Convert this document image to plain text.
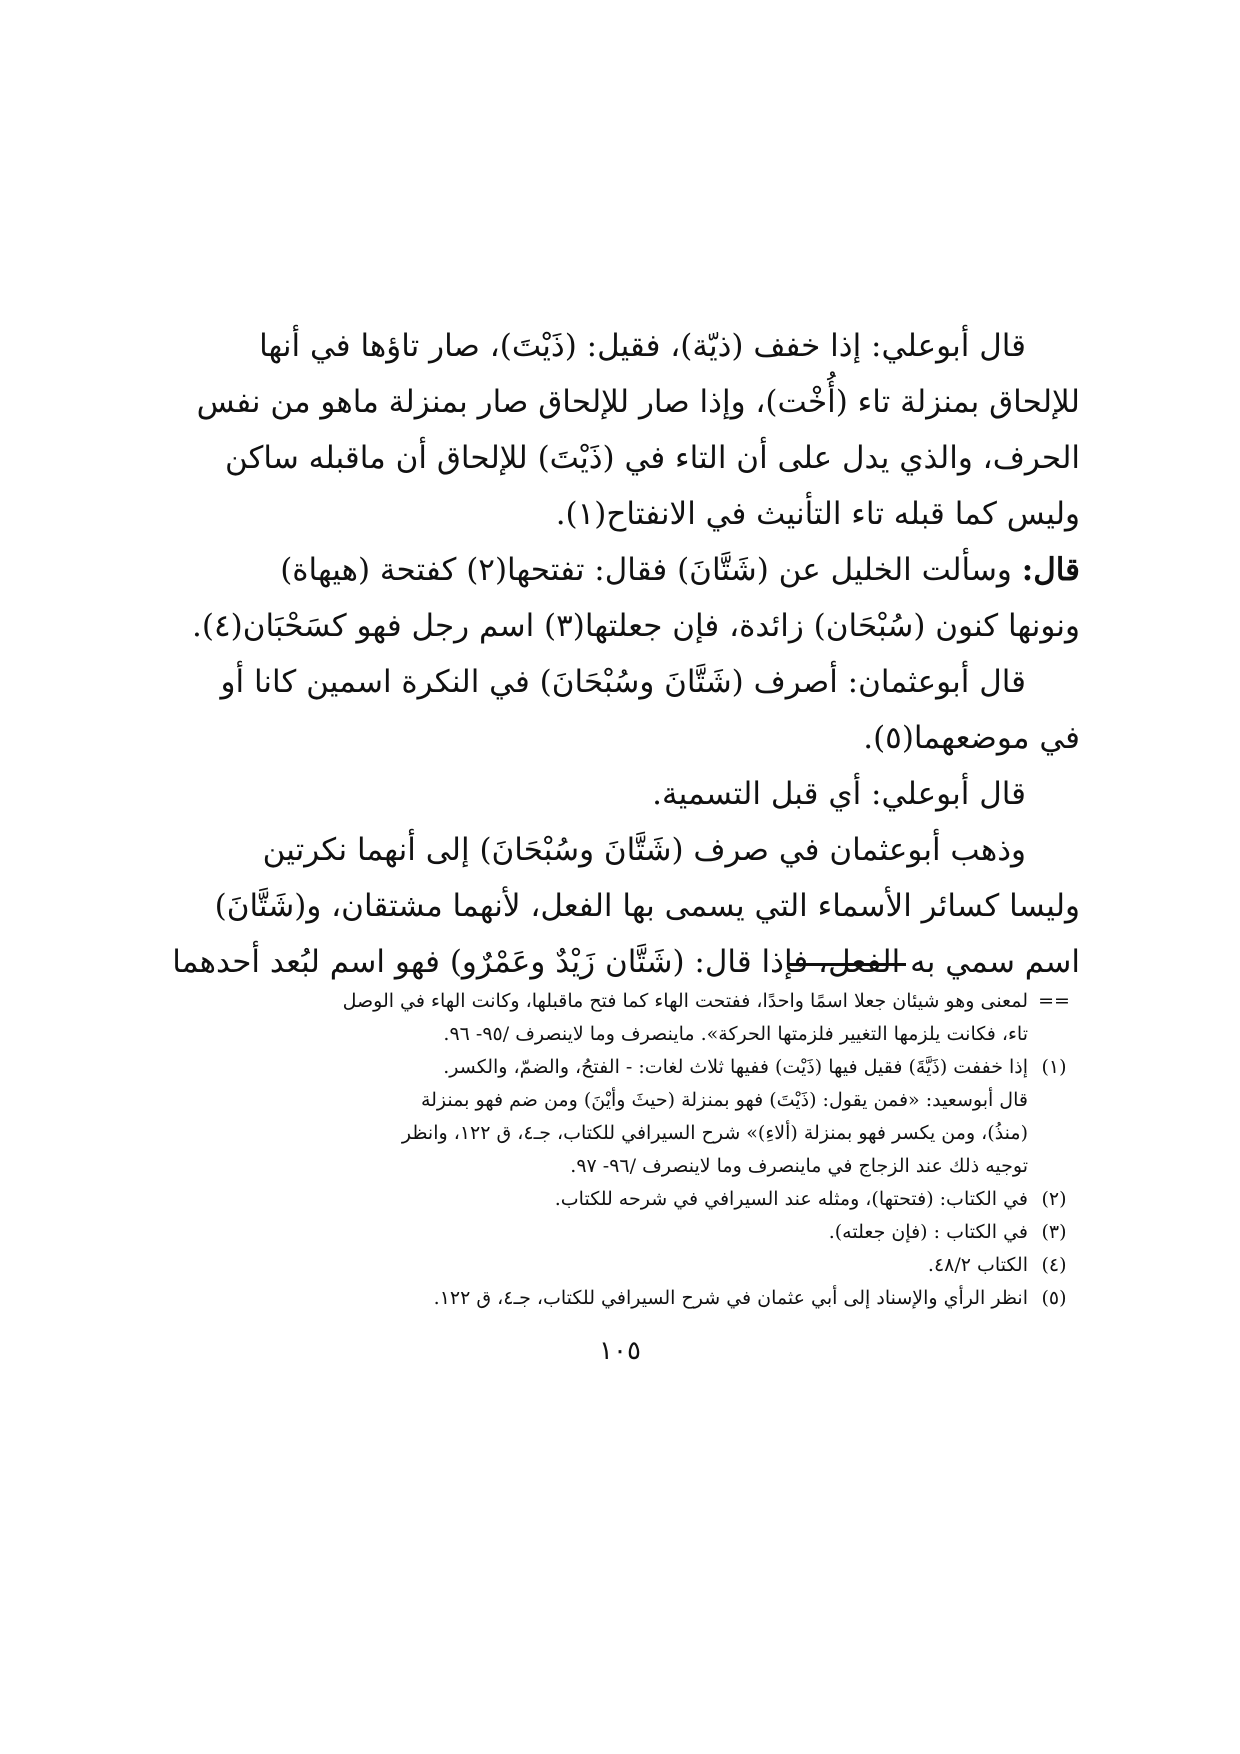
قال أبوعلي: إذا خفف (ذيّة)، فقيل: (ذَيْتَ)، صار تاؤها في أنها
للإلحاق بمنزلة تاء (أُخْت)، وإذا صار للإلحاق صار بمنزلة ماهو من نفس
الحرف، والذي يدل على أن التاء في (ذَيْتَ) للإلحاق أن ماقبله ساكن
وليس كما قبله تاء التأنيث في الانفتاح(١).
قال: وسألت الخليل عن (شَتَّانَ) فقال: تفتحها(٢) كفتحة (هيهاة)
ونونها كنون (سُبْحَان) زائدة، فإن جعلتها(٣) اسم رجل فهو كسَحْبَان(٤).
قال أبوعثمان: أصرف (شَتَّانَ وسُبْحَانَ) في النكرة اسمين كانا أو
في موضعهما(٥).
قال أبوعلي: أي قبل التسمية.
وذهب أبوعثمان في صرف (شَتَّانَ وسُبْحَانَ) إلى أنهما نكرتين
وليسا كسائر الأسماء التي يسمى بها الفعل، لأنهما مشتقان، و(شَتَّانَ)
اسم سمي به الفعل، فإذا قال: (شَتَّان زَيْدٌ وعَمْرٌو) فهو اسم لبُعد أحدهما
==
لمعنى وهو شيئان جعلا اسمًا واحدًا، ففتحت الهاء كما فتح ماقبلها، وكانت الهاء في الوصل
تاء، فكانت يلزمها التغيير فلزمتها الحركة». ماينصرف وما لاينصرف /٩٥- ٩٦.
(١)
إذا خففت (ذَيَّةَ) فقيل فيها (ذَيْت) ففيها ثلاث لغات: - الفتحُ، والضمّ، والكسر.
قال أبوسعيد: «فمن يقول: (ذَيْتَ) فهو بمنزلة (حيثَ وأيْنَ) ومن ضم فهو بمنزلة
(منذُ)، ومن يكسر فهو بمنزلة (ألاءِ)» شرح السيرافي للكتاب، جـ٤، ق ١٢٢، وانظر
توجيه ذلك عند الزجاج في ماينصرف وما لاينصرف /٩٦- ٩٧.
(٢)
في الكتاب: (فتحتها)، ومثله عند السيرافي في شرحه للكتاب.
(٣)
في الكتاب : (فإن جعلته).
(٤)
الكتاب ٤٨/٢.
(٥)
انظر الرأي والإسناد إلى أبي عثمان في شرح السيرافي للكتاب، جـ٤، ق ١٢٢.
١٠٥
